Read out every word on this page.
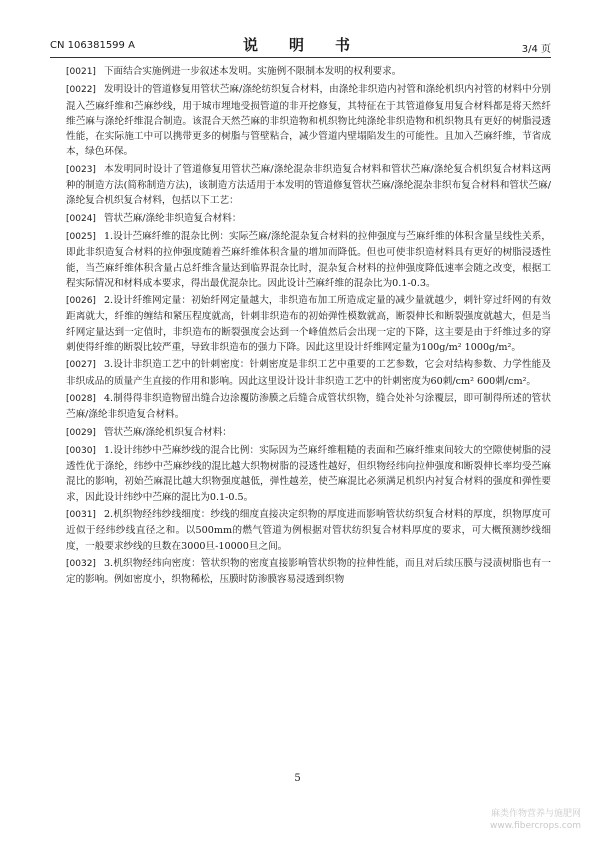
CN 106381599 A	说　明　书	3/4 页

[0021] 下面结合实施例进一步叙述本发明。实施例不限制本发明的权利要求。

[0022] 发明设计的管道修复用管状苎麻/涤纶纺织复合材料，由涤纶非织造内衬管和涤纶机织内衬管的材料中分别混入苎麻纤维和苎麻纱线，用于城市埋地受损管道的非开挖修复，其特征在于其管道修复用复合材料都是将天然纤维苎麻与涤纶纤维混合制造。该混合天然苎麻的非织造物和机织物比纯涤纶非织造物和机织物具有更好的树脂浸透性能，在实际施工中可以携带更多的树脂与管壁粘合，减少管道内壁塌陷发生的可能性。且加入苎麻纤维，节省成本，绿色环保。

[0023] 本发明同时设计了管道修复用管状苎麻/涤纶混杂非织造复合材料和管状苎麻/涤纶复合机织复合材料这两种的制造方法(简称制造方法)，该制造方法适用于本发明的管道修复管状苎麻/涤纶混杂非织布复合材料和管状苎麻/涤纶复合机织复合材料，包括以下工艺：

[0024] 管状苎麻/涤纶非织造复合材料：

[0025] 1.设计苎麻纤维的混杂比例：实际苎麻/涤纶混杂复合材料的拉伸强度与苎麻纤维的体积含量呈线性关系，即此非织造复合材料的拉伸强度随着苎麻纤维体积含量的增加而降低。但也可使非织造材料具有更好的树脂浸透性能，当苎麻纤维体积含量占总纤维含量达到临界混杂比时，混杂复合材料的拉伸强度降低速率会随之改变，根据工程实际情况和材料成本要求，得出最优混杂比。因此设计苎麻纤维的混杂比为0.1-0.3。

[0026] 2.设计纤维网定量：初始纤网定量越大，非织造布加工所造成定量的减少量就越少，刺针穿过纤网的有效距离就大，纤维的缠结和紧压程度就高，针刺非织造布的初始弹性模数就高，断裂伸长和断裂强度就越大，但是当纤网定量达到一定值时，非织造布的断裂强度会达到一个峰值然后会出现一定的下降，这主要是由于纤维过多的穿刺使得纤维的断裂比较严重，导致非织造布的强力下降。因此这里设计纤维网定量为100g/m² 1000g/m²。

[0027] 3.设计非织造工艺中的针刺密度：针刺密度是非织工艺中重要的工艺参数，它会对结构参数、力学性能及非织成品的质量产生直接的作用和影响。因此这里设计设计非织造工艺中的针刺密度为60刺/cm² 600刺/cm²。

[0028] 4.制得得非织造物留出缝合边涂覆防渗膜之后缝合成管状织物，缝合处补匀涂覆层，即可制得所述的管状苎麻/涤纶非织造复合材料。

[0029] 管状苎麻/涤纶机织复合材料：

[0030] 1.设计纬纱中苎麻纱线的混合比例：实际因为苎麻纤维粗糙的表面和苎麻纤维束间较大的空隙使树脂的浸透性优于涤纶，纬纱中苎麻纱线的混比越大织物树脂的浸透性越好，但织物经纬向拉伸强度和断裂伸长率均受苎麻混比的影响，初始苎麻混比越大织物强度越低，弹性越差，使苎麻混比必须满足机织内衬复合材料的强度和弹性要求，因此设计纬纱中苎麻的混比为0.1-0.5。

[0031] 2.机织物经纬纱线细度：纱线的细度直接决定织物的厚度进而影响管状纺织复合材料的厚度，织物厚度可近似于经纬纱线直径之和。以500mm的燃气管道为例根据对管状纺织复合材料厚度的要求，可大概预测纱线细度，一般要求纱线的旦数在3000旦-10000旦之间。

[0032] 3.机织物经纬向密度：管状织物的密度直接影响管状织物的拉伸性能，而且对后续压膜与浸渍树脂也有一定的影响。例如密度小，织物稀松，压膜时防渗膜容易浸透到织物

5
麻类作物营养与施肥网
www.fibercrops.com
